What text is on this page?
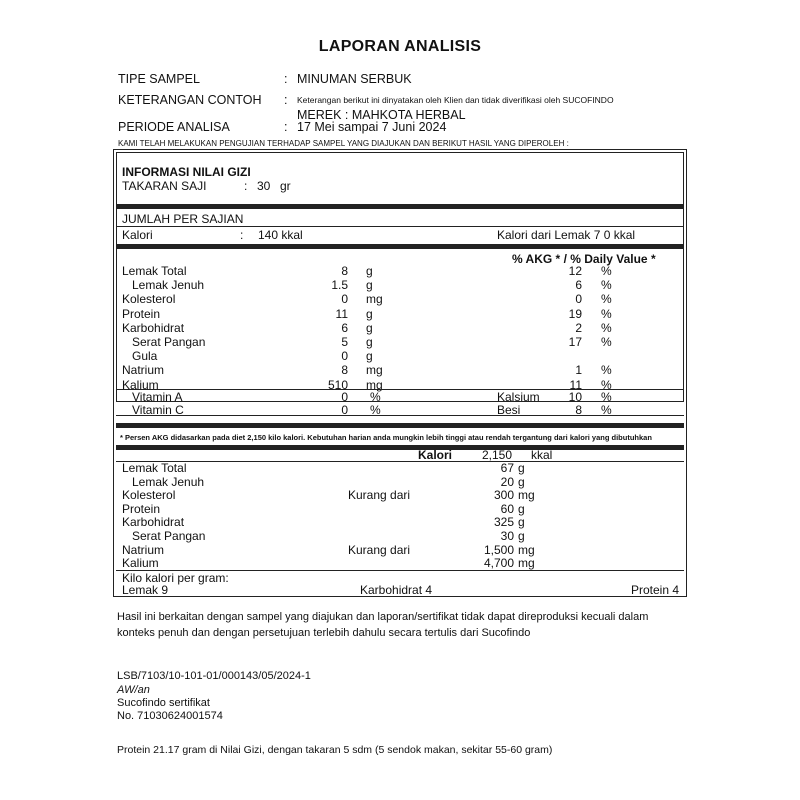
LAPORAN ANALISIS
TIPE SAMPEL	: MINUMAN SERBUK
KETERANGAN CONTOH : Keterangan berikut ini dinyatakan oleh Klien dan tidak diverifikasi oleh SUCOFINDO
MEREK : MAHKOTA HERBAL
PERIODE ANALISA	: 17 Mei sampai 7 Juni 2024
KAMI TELAH MELAKUKAN PENGUJIAN TERHADAP SAMPEL YANG DIAJUKAN DAN BERIKUT HASIL YANG DIPEROLEH :
INFORMASI NILAI GIZI
TAKARAN SAJI	: 30 gr
JUMLAH PER SAJIAN
Kalori	: 140 kkal	Kalori dari Lemak 7 0 kkal
% AKG * / % Daily Value *
Lemak Total	8 g	12 %
Lemak Jenuh	1.5 g	6 %
Kolesterol	0 mg	0 %
Protein	11 g	19 %
Karbohidrat	6 g	2 %
Serat Pangan	5 g	17 %
Gula	0 g
Natrium	8 mg	1 %
Kalium	510 mg	11 %
Vitamin A	0 %	Kalsium	10 %
Vitamin C	0 %	Besi	8 %
* Persen AKG didasarkan pada diet 2,150 kilo kalori. Kebutuhan harian anda mungkin lebih tinggi atau rendah tergantung dari kalori yang dibutuhkan
Kalori 2,150 kkal
Lemak Total	67 g
Lemak Jenuh	20 g
Kolesterol	Kurang dari	300 mg
Protein	60 g
Karbohidrat	325 g
Serat Pangan	30 g
Natrium	Kurang dari	1,500 mg
Kalium	4,700 mg
Kilo kalori per gram:
Lemak 9	Karbohidrat 4	Protein 4
Hasil ini berkaitan dengan sampel yang diajukan dan laporan/sertifikat tidak dapat direproduksi kecuali dalam
konteks penuh dan dengan persetujuan terlebih dahulu secara tertulis dari Sucofindo
LSB/7103/10-101-01/000143/05/2024-1
AW/an
Sucofindo sertifikat
No. 71030624001574
Protein 21.17 gram di Nilai Gizi, dengan takaran 5 sdm (5 sendok makan, sekitar 55-60 gram)
